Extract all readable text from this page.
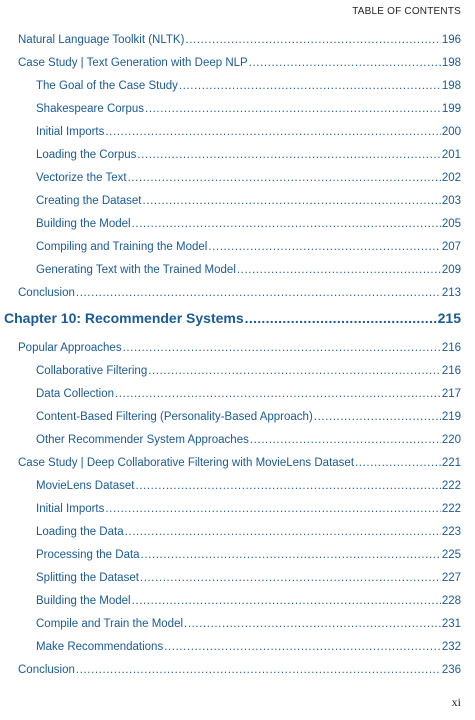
TABLE OF CONTENTS
Natural Language Toolkit (NLTK) .....	196
Case Study | Text Generation with Deep NLP .....	198
The Goal of the Case Study .....	198
Shakespeare Corpus .....	199
Initial Imports .....	200
Loading the Corpus .....	201
Vectorize the Text .....	202
Creating the Dataset .....	203
Building the Model .....	205
Compiling and Training the Model .....	207
Generating Text with the Trained Model .....	209
Conclusion .....	213
Chapter 10: Recommender Systems .....	215
Popular Approaches .....	216
Collaborative Filtering .....	216
Data Collection .....	217
Content-Based Filtering (Personality-Based Approach) .....	219
Other Recommender System Approaches .....	220
Case Study | Deep Collaborative Filtering with MovieLens Dataset .....	221
MovieLens Dataset .....	222
Initial Imports .....	222
Loading the Data .....	223
Processing the Data .....	225
Splitting the Dataset .....	227
Building the Model .....	228
Compile and Train the Model .....	231
Make Recommendations .....	232
Conclusion .....	236
xi
